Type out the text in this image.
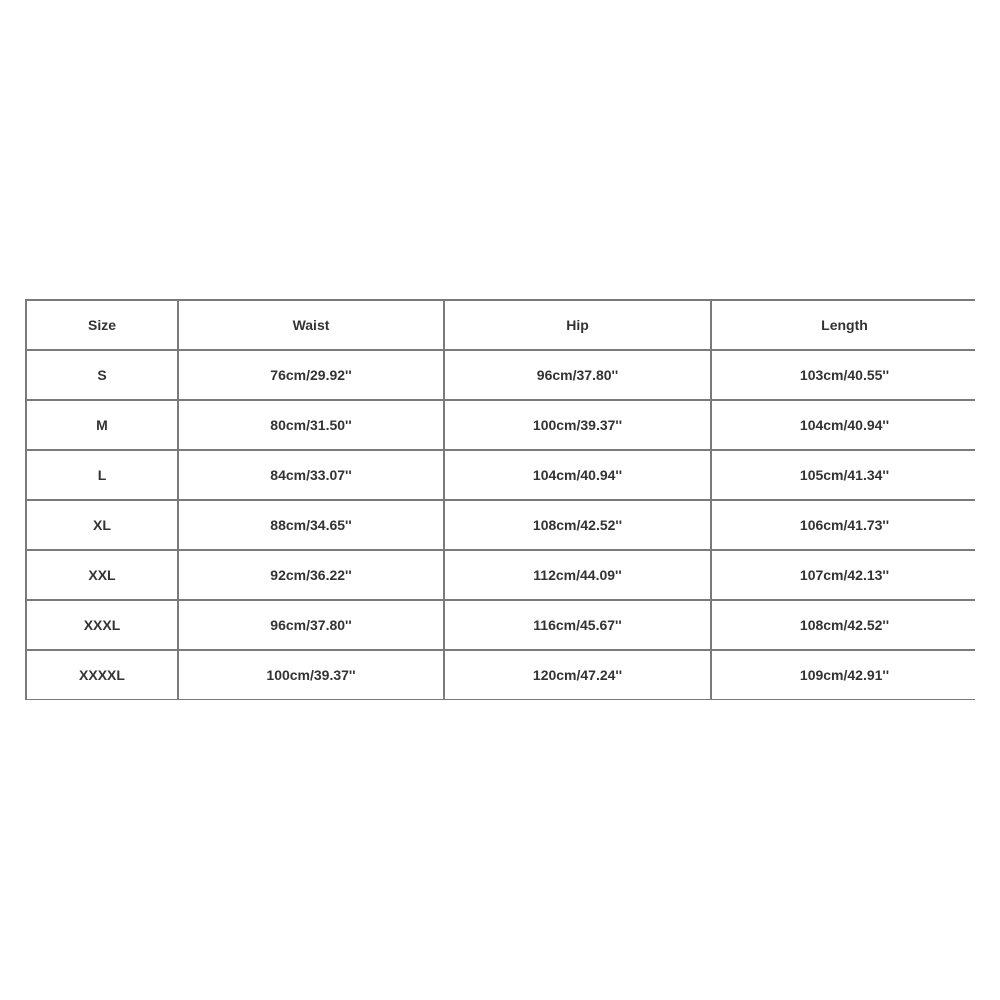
Size	Waist	Hip	Length
S	76cm/29.92''	96cm/37.80''	103cm/40.55''
M	80cm/31.50''	100cm/39.37''	104cm/40.94''
L	84cm/33.07''	104cm/40.94''	105cm/41.34''
XL	88cm/34.65''	108cm/42.52''	106cm/41.73''
XXL	92cm/36.22''	112cm/44.09''	107cm/42.13''
XXXL	96cm/37.80''	116cm/45.67''	108cm/42.52''
XXXXL	100cm/39.37''	120cm/47.24''	109cm/42.91''
